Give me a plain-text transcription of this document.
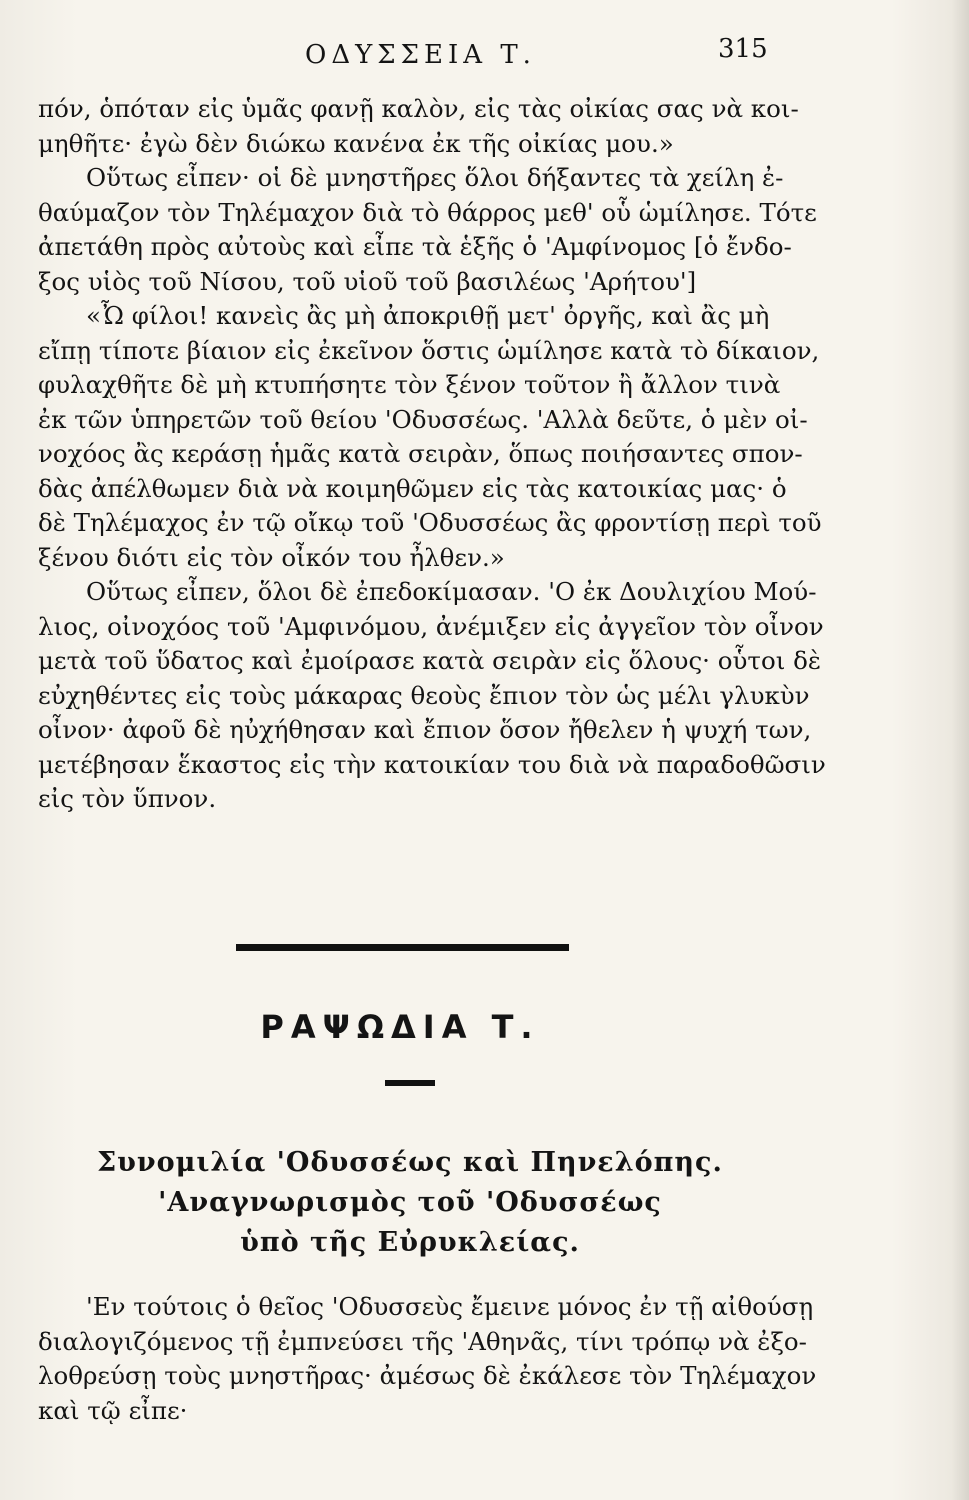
ΟΔΥΣΣΕΙΑ Τ.	315
πόν, ὁπόταν εἰς ὑμᾶς φανῇ καλὸν, εἰς τὰς οἰκίας σας νὰ κοι-
μηθῆτε· ἐγὼ δὲν διώκω κανένα ἐκ τῆς οἰκίας μου.»
Οὕτως εἶπεν· οἱ δὲ μνηστῆρες ὅλοι δήξαντες τὰ χείλη ἐ-
θαύμαζον τὸν Τηλέμαχον διὰ τὸ θάρρος μεθ' οὗ ὡμίλησε. Τότε
ἀπετάθη πρὸς αὐτοὺς καὶ εἶπε τὰ ἑξῆς ὁ 'Αμφίνομος [ὁ ἔνδο-
ξος υἱὸς τοῦ Νίσου, τοῦ υἱοῦ τοῦ βασιλέως 'Αρήτου']
«Ὦ φίλοι! κανεὶς ἂς μὴ ἀποκριθῇ μετ' ὀργῆς, καὶ ἂς μὴ
εἴπῃ τίποτε βίαιον εἰς ἐκεῖνον ὅστις ὡμίλησε κατὰ τὸ δίκαιον,
φυλαχθῆτε δὲ μὴ κτυπήσητε τὸν ξένον τοῦτον ἢ ἄλλον τινὰ
ἐκ τῶν ὑπηρετῶν τοῦ θείου 'Οδυσσέως. 'Αλλὰ δεῦτε, ὁ μὲν οἰ-
νοχόος ἂς κεράσῃ ἡμᾶς κατὰ σειρὰν, ὅπως ποιήσαντες σπον-
δὰς ἀπέλθωμεν διὰ νὰ κοιμηθῶμεν εἰς τὰς κατοικίας μας· ὁ
δὲ Τηλέμαχος ἐν τῷ οἴκῳ τοῦ 'Οδυσσέως ἂς φροντίσῃ περὶ τοῦ
ξένου διότι εἰς τὸν οἶκόν του ἦλθεν.»
Οὕτως εἶπεν, ὅλοι δὲ ἐπεδοκίμασαν. 'Ο ἐκ Δουλιχίου Μού-
λιος, οἰνοχόος τοῦ 'Αμφινόμου, ἀνέμιξεν εἰς ἀγγεῖον τὸν οἶνον
μετὰ τοῦ ὕδατος καὶ ἐμοίρασε κατὰ σειρὰν εἰς ὅλους· οὗτοι δὲ
εὐχηθέντες εἰς τοὺς μάκαρας θεοὺς ἔπιον τὸν ὡς μέλι γλυκὺν
οἶνον· ἀφοῦ δὲ ηὐχήθησαν καὶ ἔπιον ὅσον ἤθελεν ἡ ψυχή των,
μετέβησαν ἕκαστος εἰς τὴν κατοικίαν του διὰ νὰ παραδοθῶσιν
εἰς τὸν ὕπνον.
ΡΑΨΩΔΙΑ Τ.
Συνομιλία 'Οδυσσέως καὶ Πηνελόπης.
'Αναγνωρισμὸς τοῦ 'Οδυσσέως
ὑπὸ τῆς Εὐρυκλείας.
'Εν τούτοις ὁ θεῖος 'Οδυσσεὺς ἔμεινε μόνος ἐν τῇ αἰθούσῃ
διαλογιζόμενος τῇ ἐμπνεύσει τῆς 'Αθηνᾶς, τίνι τρόπῳ νὰ ἐξο-
λοθρεύσῃ τοὺς μνηστῆρας· ἀμέσως δὲ ἐκάλεσε τὸν Τηλέμαχον
καὶ τῷ εἶπε·
